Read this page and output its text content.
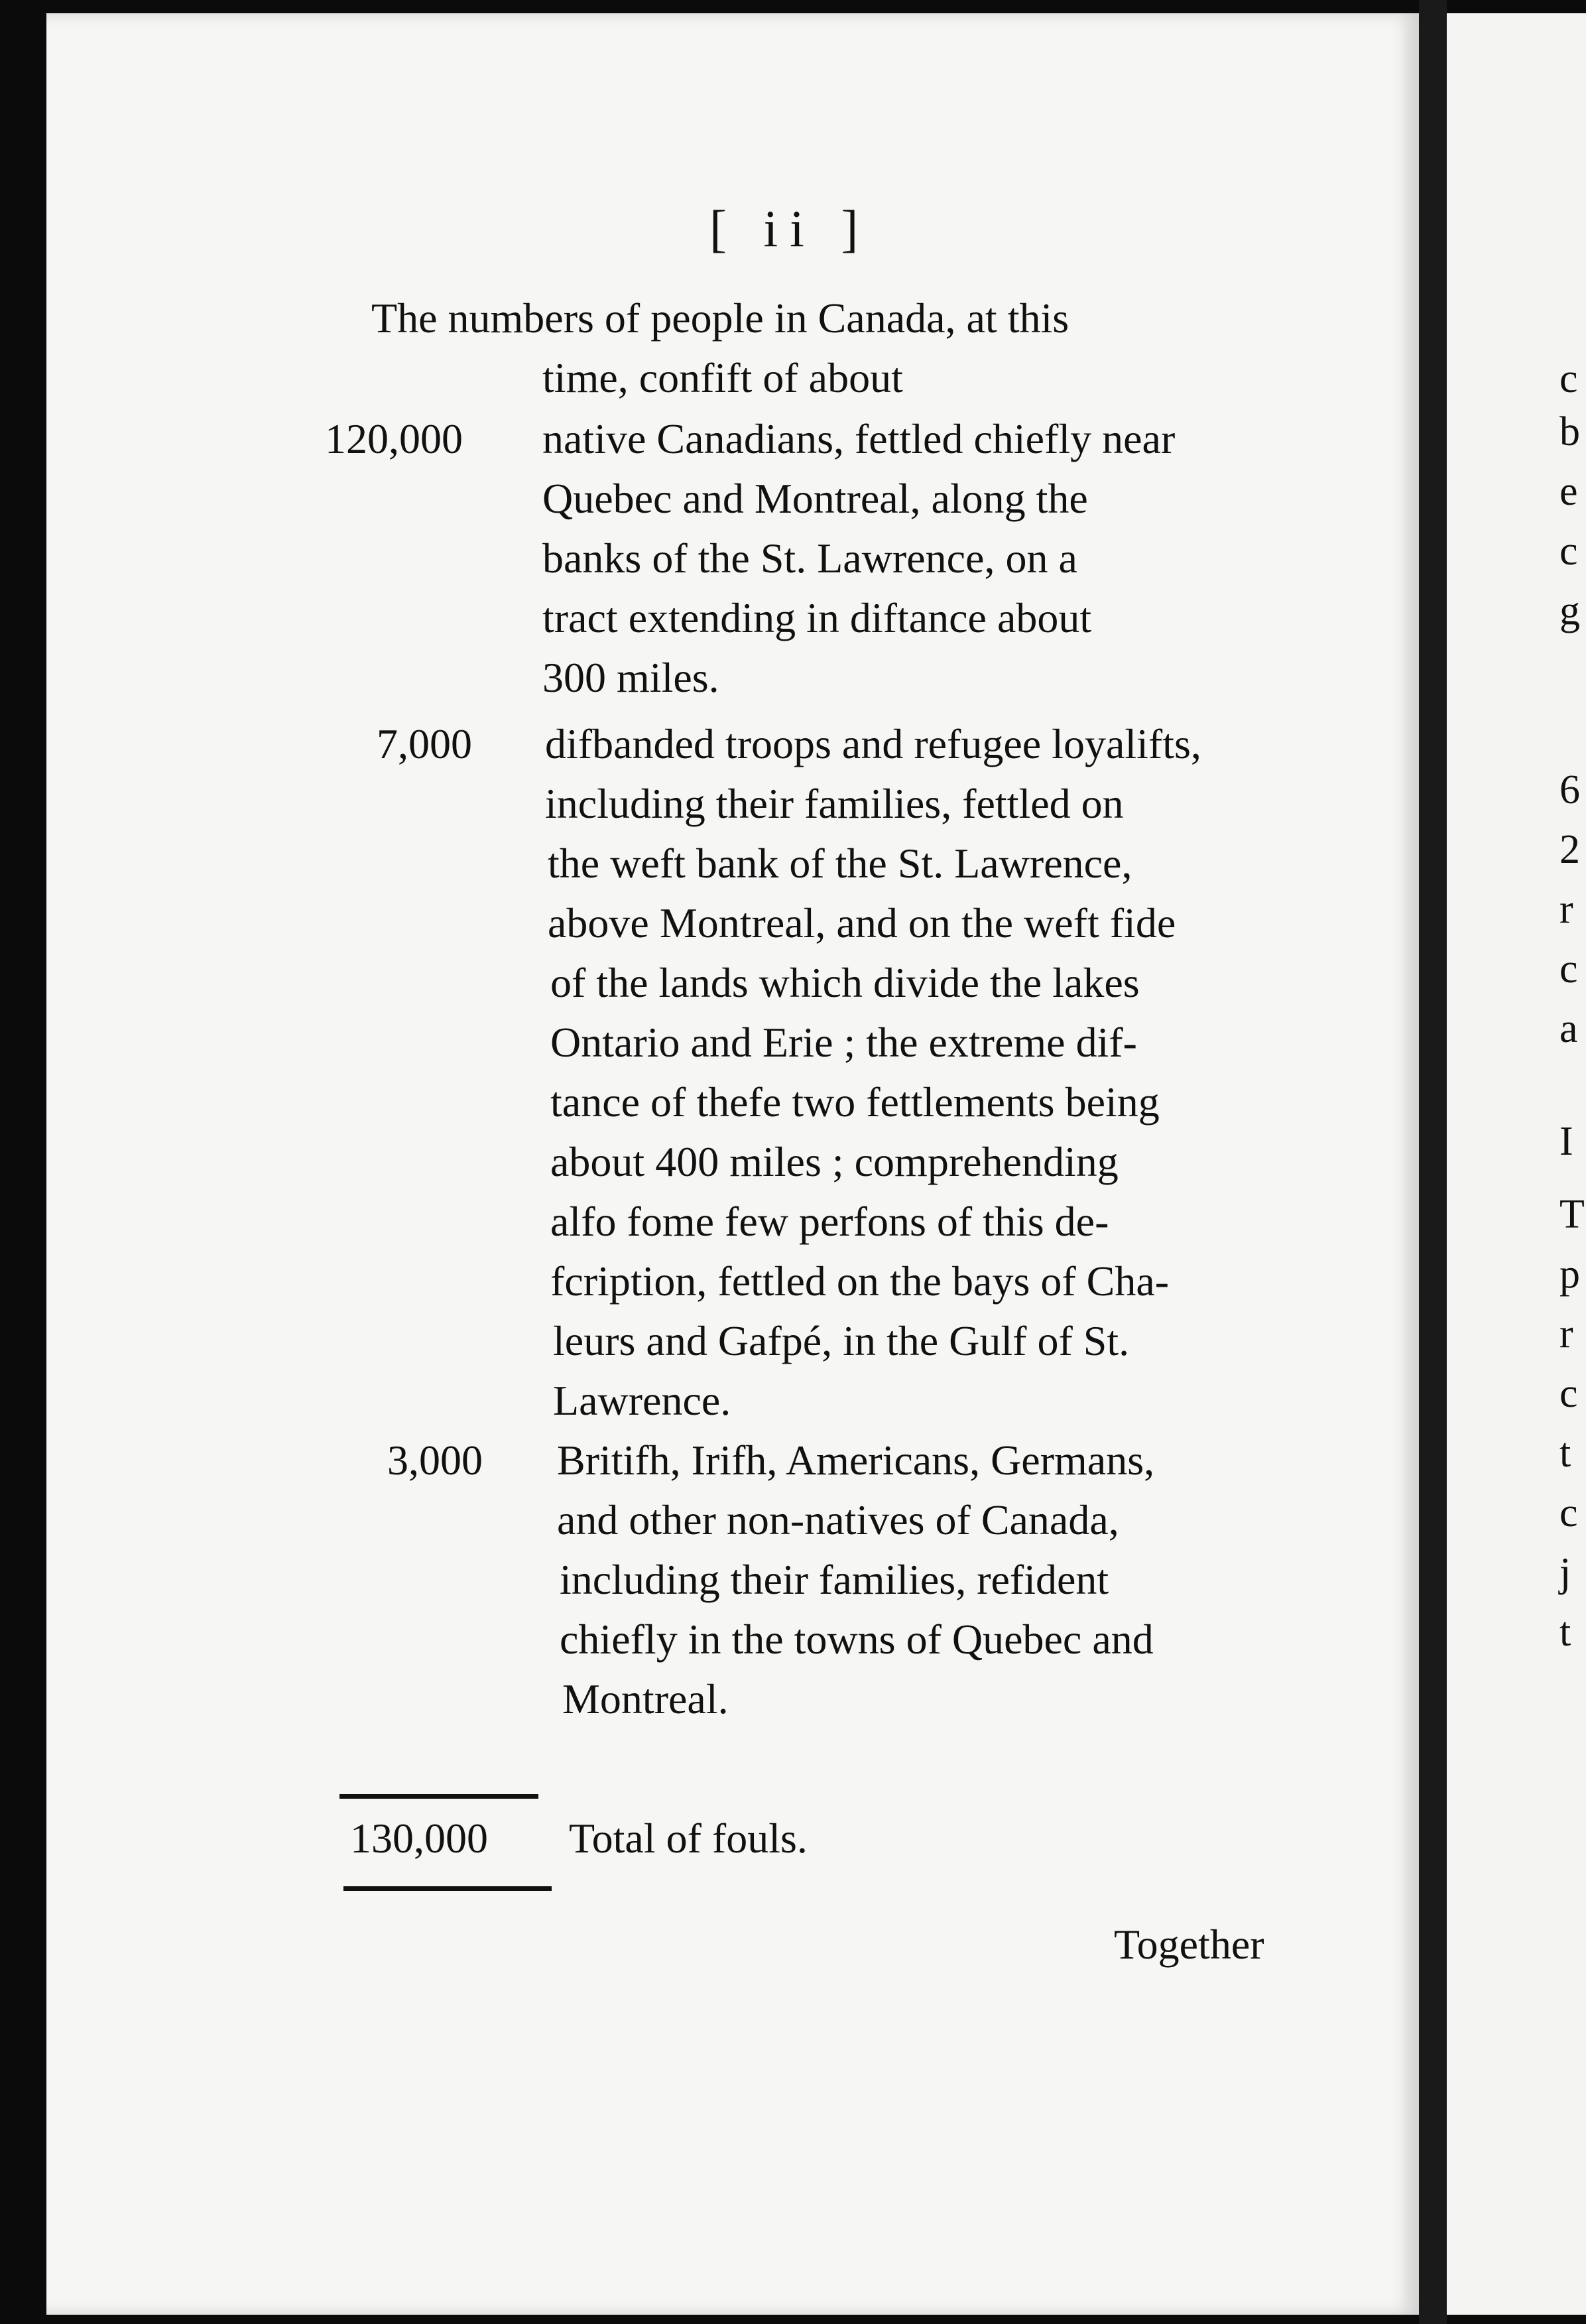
[ ii ]
The numbers of people in Canada, at this
time, confift of about
120,000 native Canadians, fettled chiefly near
Quebec and Montreal, along the
banks of the St. Lawrence, on a
tract extending in diftance about
300 miles.
7,000 difbanded troops and refugee loyalifts,
including their families, fettled on
the weft bank of the St. Lawrence,
above Montreal, and on the weft fide
of the lands which divide the lakes
Ontario and Erie ; the extreme dif-
tance of thefe two fettlements being
about 400 miles ; comprehending
alfo fome few perfons of this de-
fcription, fettled on the bays of Cha-
leurs and Gafpé, in the Gulf of St.
Lawrence.
3,000 Britifh, Irifh, Americans, Germans,
and other non-natives of Canada,
including their families, refident
chiefly in the towns of Quebec and
Montreal.
130,000 Total of fouls.
Together
c
b
e
c
g
6
2
r
c
a
I
T
p
r
c
t
c
j
t
